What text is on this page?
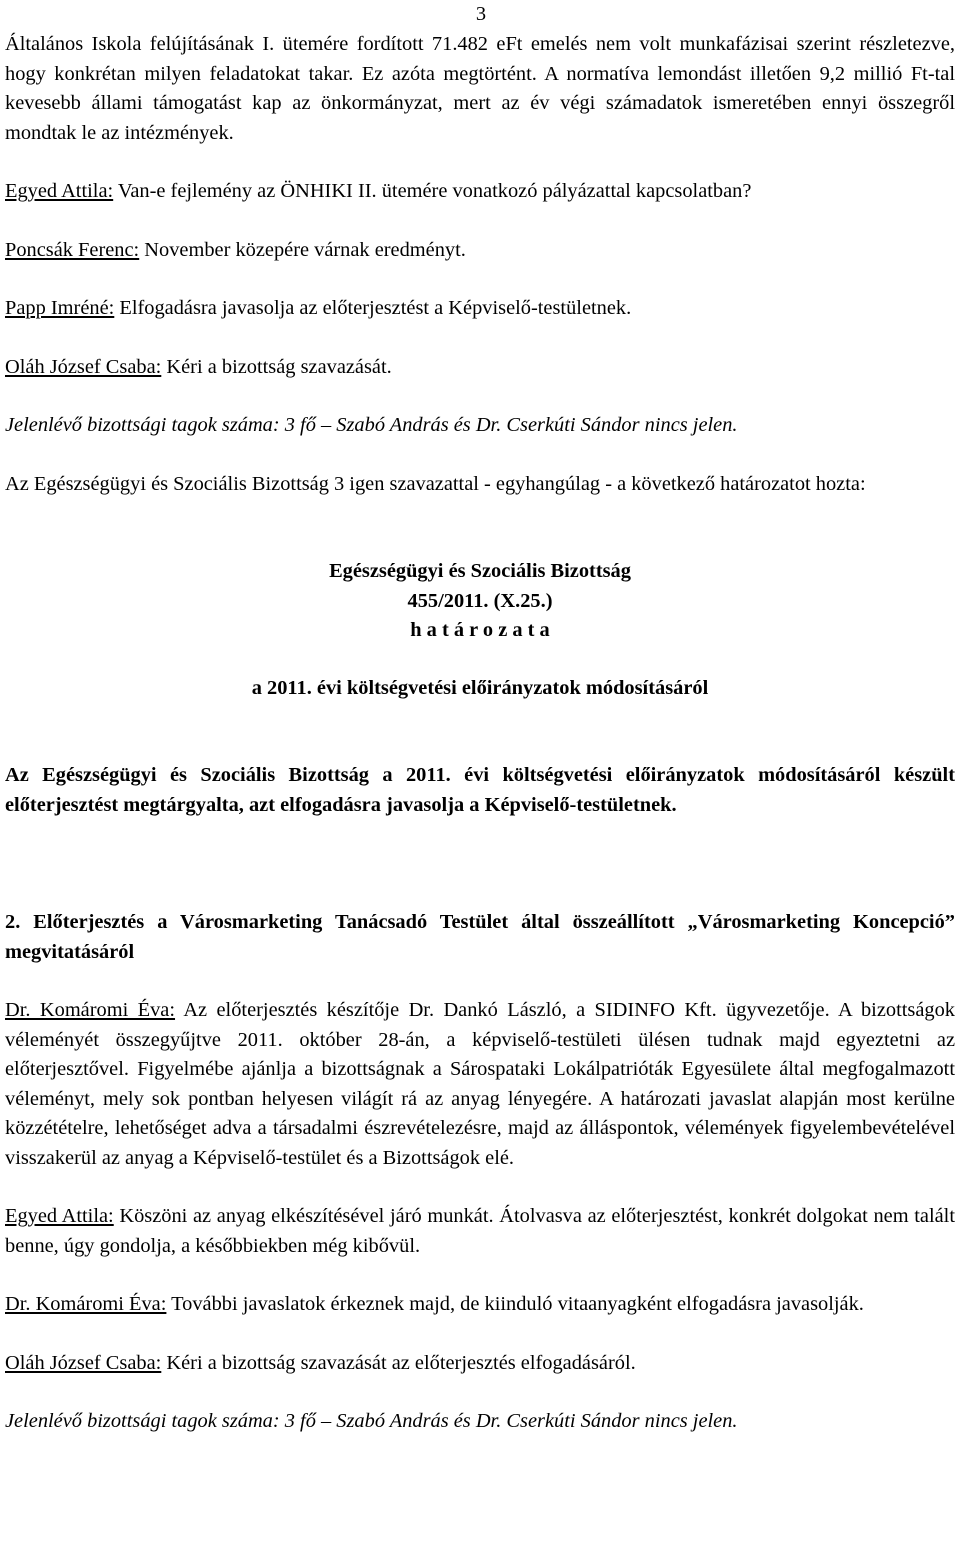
3

Általános Iskola felújításának I. ütemére fordított 71.482 eFt emelés nem volt munkafázisai szerint részletezve, hogy konkrétan milyen feladatokat takar. Ez azóta megtörtént. A normatíva lemondást illetően 9,2 millió Ft-tal kevesebb állami támogatást kap az önkormányzat, mert az év végi számadatok ismeretében ennyi összegről mondtak le az intézmények.

Egyed Attila: Van-e fejlemény az ÖNHIKI II. ütemére vonatkozó pályázattal kapcsolatban?

Poncsák Ferenc: November közepére várnak eredményt.

Papp Imréné: Elfogadásra javasolja az előterjesztést a Képviselő-testületnek.

Oláh József Csaba: Kéri a bizottság szavazását.

Jelenlévő bizottsági tagok száma: 3 fő – Szabó András és Dr. Cserkúti Sándor nincs jelen.

Az Egészségügyi és Szociális Bizottság 3 igen szavazattal - egyhangúlag - a következő határozatot hozta:

Egészségügyi és Szociális Bizottság

455/2011. (X.25.)

h a t á r o z a t a

a 2011. évi költségvetési előirányzatok módosításáról

Az Egészségügyi és Szociális Bizottság a 2011. évi költségvetési előirányzatok módosításáról készült előterjesztést megtárgyalta, azt elfogadásra javasolja a Képviselő-testületnek.

2. Előterjesztés a Városmarketing Tanácsadó Testület által összeállított „Városmarketing Koncepció” megvitatásáról

Dr. Komáromi Éva: Az előterjesztés készítője Dr. Dankó László, a SIDINFO Kft. ügyvezetője. A bizottságok véleményét összegyűjtve 2011. október 28-án, a képviselő-testületi ülésen tudnak majd egyeztetni az előterjesztővel. Figyelmébe ajánlja a bizottságnak a Sárospataki Lokálpatrióták Egyesülete által megfogalmazott véleményt, mely sok pontban helyesen világít rá az anyag lényegére. A határozati javaslat alapján most kerülne közzétételre, lehetőséget adva a társadalmi észrevételezésre, majd az álláspontok, vélemények figyelembevételével visszakerül az anyag a Képviselő-testület és a Bizottságok elé.

Egyed Attila: Köszöni az anyag elkészítésével járó munkát. Átolvasva az előterjesztést, konkrét dolgokat nem talált benne, úgy gondolja, a későbbiekben még kibővül.

Dr. Komáromi Éva: További javaslatok érkeznek majd, de kiinduló vitaanyagként elfogadásra javasolják.

Oláh József Csaba: Kéri a bizottság szavazását az előterjesztés elfogadásáról.

Jelenlévő bizottsági tagok száma: 3 fő – Szabó András és Dr. Cserkúti Sándor nincs jelen.
